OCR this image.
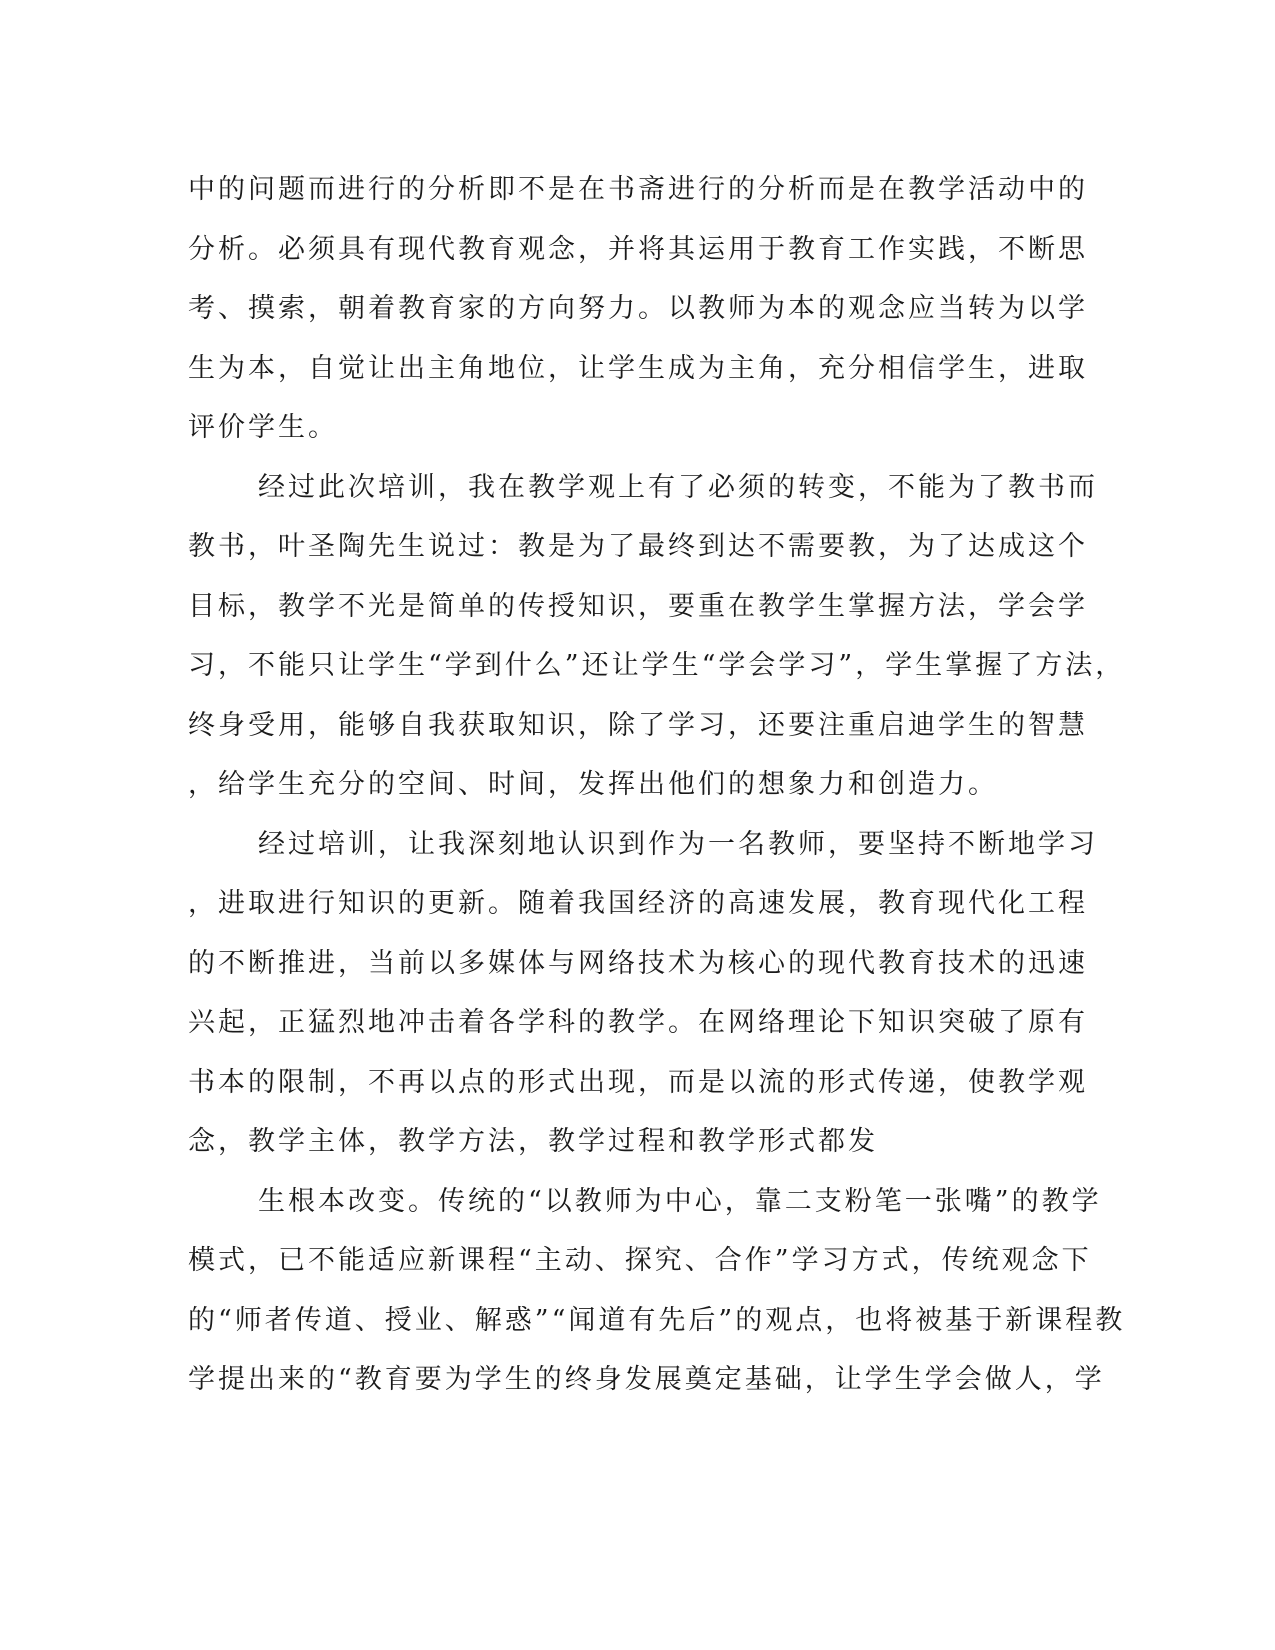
中的问题而进行的分析即不是在书斋进行的分析而是在教学活动中的
分析。必须具有现代教育观念，并将其运用于教育工作实践，不断思
考、摸索，朝着教育家的方向努力。以教师为本的观念应当转为以学
生为本，自觉让出主角地位，让学生成为主角，充分相信学生，进取
评价学生。
经过此次培训，我在教学观上有了必须的转变，不能为了教书而
教书，叶圣陶先生说过：教是为了最终到达不需要教，为了达成这个
目标，教学不光是简单的传授知识，要重在教学生掌握方法，学会学
习，不能只让学生“学到什么”还让学生“学会学习”，学生掌握了方法，
终身受用，能够自我获取知识，除了学习，还要注重启迪学生的智慧
，给学生充分的空间、时间，发挥出他们的想象力和创造力。
经过培训，让我深刻地认识到作为一名教师，要坚持不断地学习
，进取进行知识的更新。随着我国经济的高速发展，教育现代化工程
的不断推进，当前以多媒体与网络技术为核心的现代教育技术的迅速
兴起，正猛烈地冲击着各学科的教学。在网络理论下知识突破了原有
书本的限制，不再以点的形式出现，而是以流的形式传递，使教学观
念，教学主体，教学方法，教学过程和教学形式都发
生根本改变。传统的“以教师为中心，靠二支粉笔一张嘴”的教学
模式，已不能适应新课程“主动、探究、合作”学习方式，传统观念下
的“师者传道、授业、解惑”“闻道有先后”的观点，也将被基于新课程教
学提出来的“教育要为学生的终身发展奠定基础，让学生学会做人，学
